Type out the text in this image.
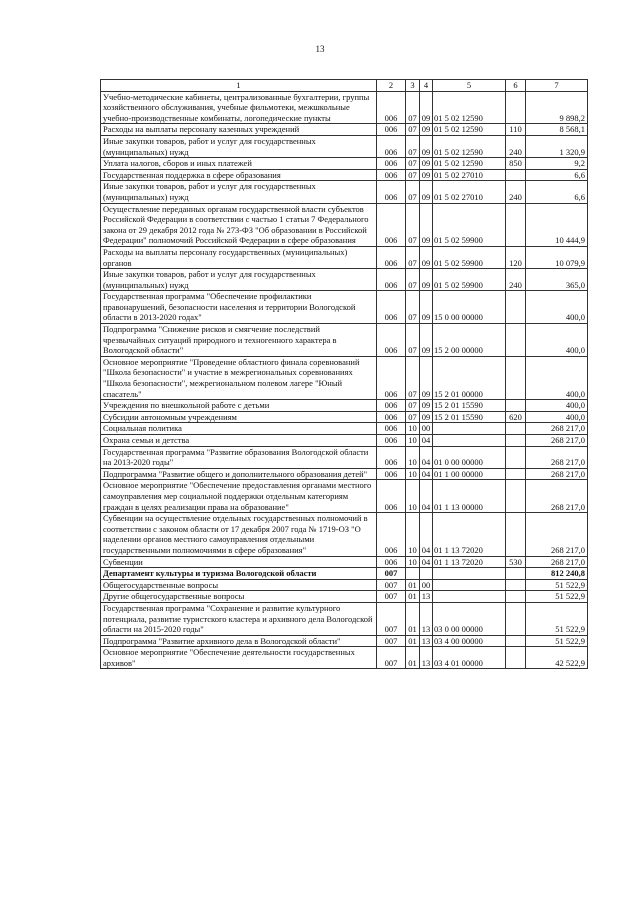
13
1	2	3	4	5	6	7
Учебно-методические кабинеты, централизованные бухгалтерии, группы хозяйственного обслуживания, учебные фильмотеки, межшкольные учебно-производственные комбинаты, логопедические пункты	006	07	09	01 5 02 12590		9 898,2
Расходы на выплаты персоналу казенных учреждений	006	07	09	01 5 02 12590	110	8 568,1
Иные закупки товаров, работ и услуг для государственных (муниципальных) нужд	006	07	09	01 5 02 12590	240	1 320,9
Уплата налогов, сборов и иных платежей	006	07	09	01 5 02 12590	850	9,2
Государственная поддержка в сфере образования	006	07	09	01 5 02 27010		6,6
Иные закупки товаров, работ и услуг для государственных (муниципальных) нужд	006	07	09	01 5 02 27010	240	6,6
Осуществление переданных органам государственной власти субъектов Российской Федерации в соответствии с частью 1 статьи 7 Федерального закона от 29 декабря 2012 года № 273-ФЗ "Об образовании в Российской Федерации" полномочий Российской Федерации в сфере образования	006	07	09	01 5 02 59900		10 444,9
Расходы на выплаты персоналу государственных (муниципальных) органов	006	07	09	01 5 02 59900	120	10 079,9
Иные закупки товаров, работ и услуг для государственных (муниципальных) нужд	006	07	09	01 5 02 59900	240	365,0
Государственная программа "Обеспечение профилактики правонарушений, безопасности населения и территории Вологодской области в 2013-2020 годах"	006	07	09	15 0 00 00000		400,0
Подпрограмма "Снижение рисков и смягчение последствий чрезвычайных ситуаций природного и техногенного характера в Вологодской области"	006	07	09	15 2 00 00000		400,0
Основное мероприятие "Проведение областного финала соревнований "Школа безопасности" и участие в межрегиональных соревнованиях "Школа безопасности", межрегиональном полевом лагере "Юный спасатель"	006	07	09	15 2 01 00000		400,0
Учреждения по внешкольной работе с детьми	006	07	09	15 2 01 15590		400,0
Субсидии автономным учреждениям	006	07	09	15 2 01 15590	620	400,0
Социальная политика	006	10	00			268 217,0
Охрана семьи и детства	006	10	04			268 217,0
Государственная программа "Развитие образования Вологодской области на 2013-2020 годы"	006	10	04	01 0 00 00000		268 217,0
Подпрограмма "Развитие общего и дополнительного образования детей"	006	10	04	01 1 00 00000		268 217,0
Основное мероприятие "Обеспечение предоставления органами местного самоуправления мер социальной поддержки отдельным категориям граждан в целях реализации права на образование"	006	10	04	01 1 13 00000		268 217,0
Субвенции на осуществление отдельных государственных полномочий в соответствии с законом области от 17 декабря 2007 года № 1719-ОЗ "О наделении органов местного самоуправления отдельными государственными полномочиями в сфере образования"	006	10	04	01 1 13 72020		268 217,0
Субвенции	006	10	04	01 1 13 72020	530	268 217,0
Департамент культуры и туризма Вологодской области	007					812 240,8
Общегосударственные вопросы	007	01	00			51 522,9
Другие общегосударственные вопросы	007	01	13			51 522,9
Государственная программа "Сохранение и развитие культурного потенциала, развитие туристского кластера и архивного дела Вологодской области на 2015-2020 годы"	007	01	13	03 0 00 00000		51 522,9
Подпрограмма "Развитие архивного дела в Вологодской области"	007	01	13	03 4 00 00000		51 522,9
Основное мероприятие "Обеспечение деятельности государственных архивов"	007	01	13	03 4 01 00000		42 522,9
